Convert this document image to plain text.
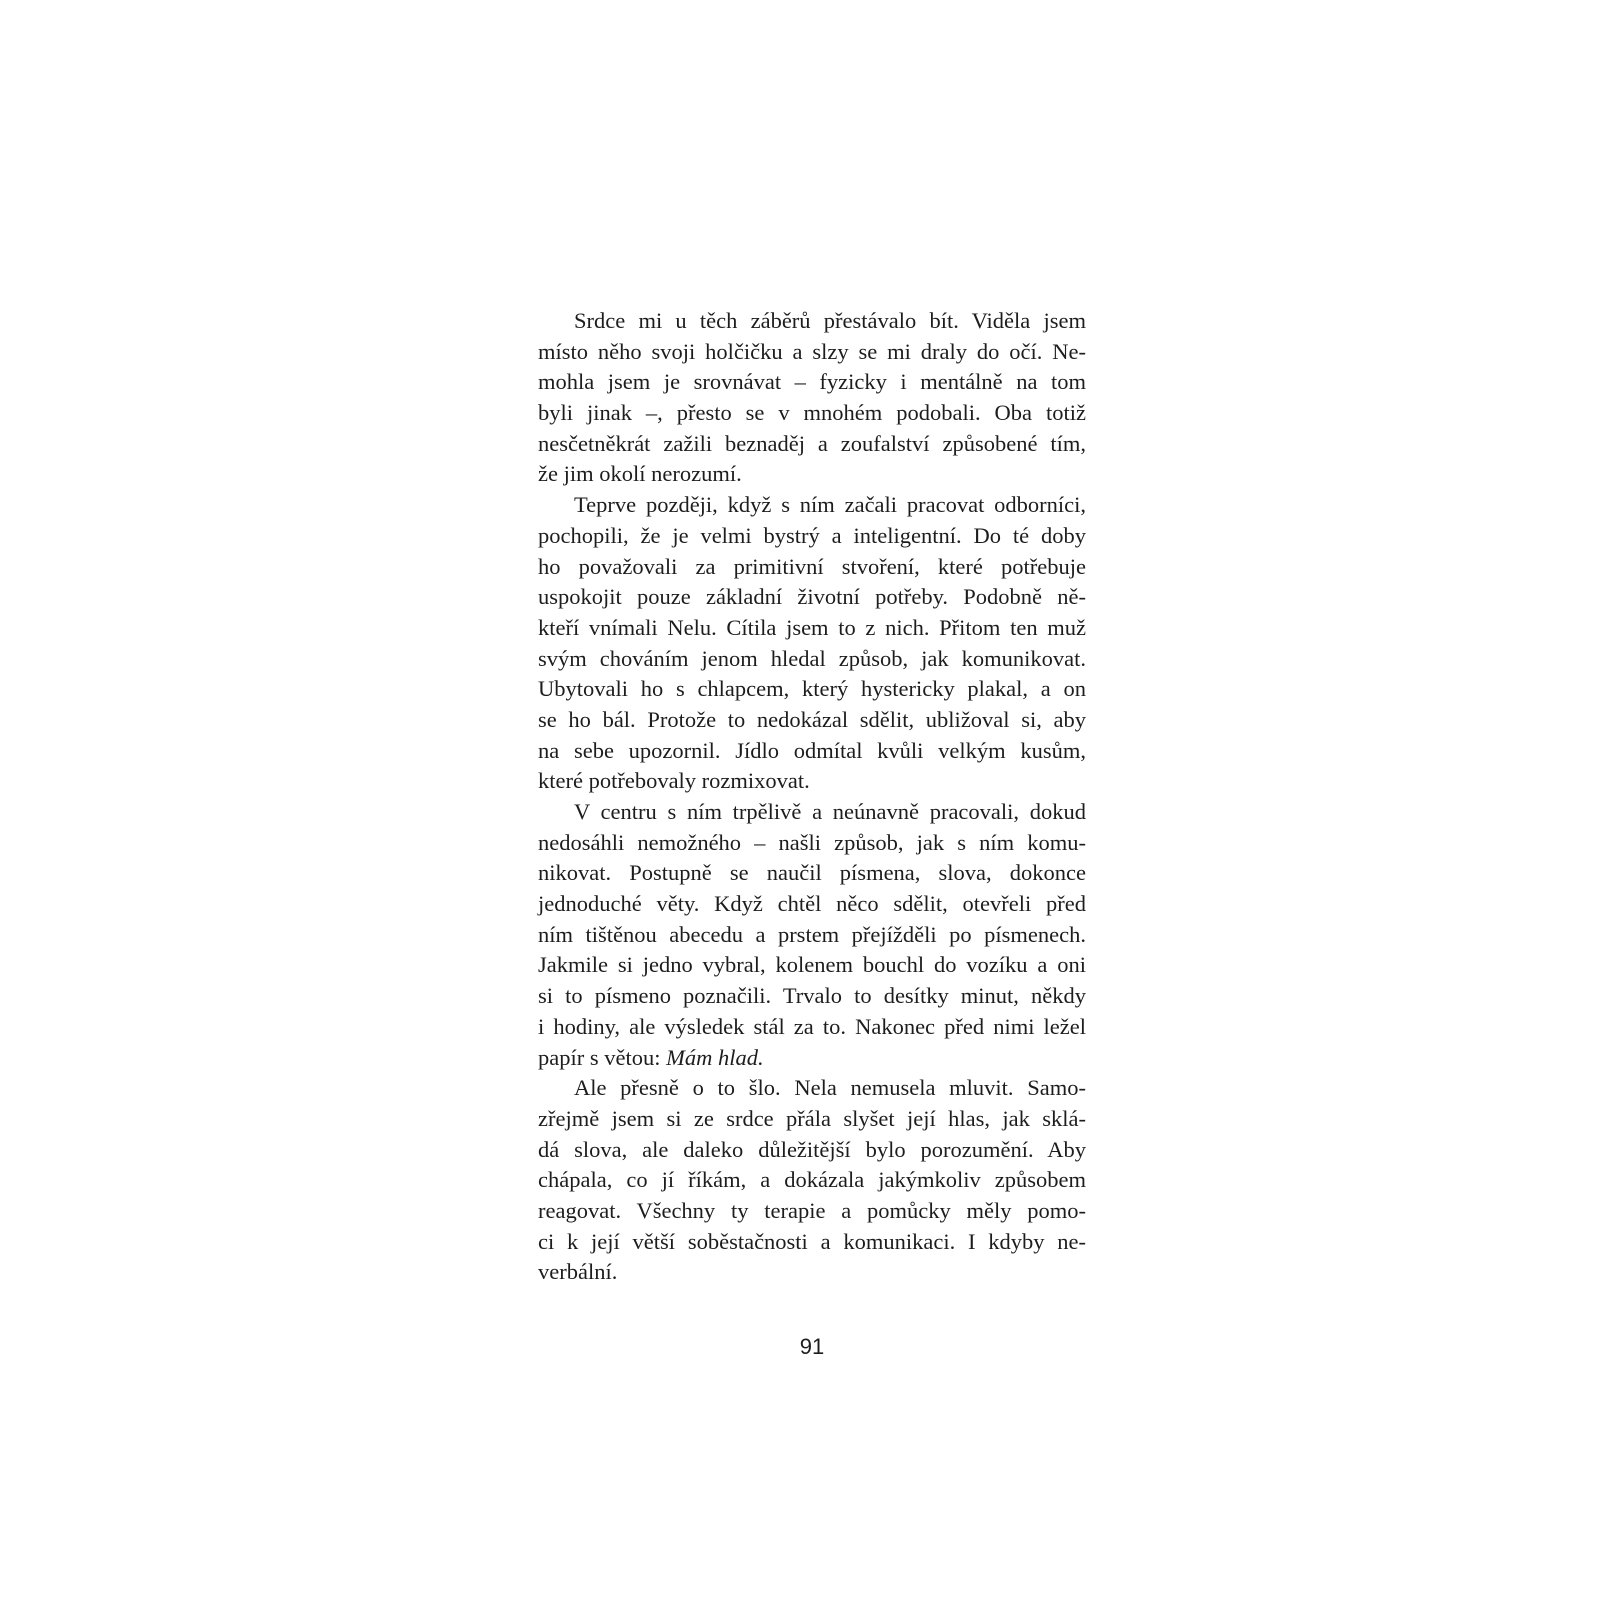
Srdce mi u těch záběrů přestávalo bít. Viděla jsem
místo něho svoji holčičku a slzy se mi draly do očí. Ne-
mohla jsem je srovnávat – fyzicky i mentálně na tom
byli jinak –, přesto se v mnohém podobali. Oba totiž
nesčetněkrát zažili beznaděj a zoufalství způsobené tím,
že jim okolí nerozumí.
Teprve později, když s ním začali pracovat odborníci,
pochopili, že je velmi bystrý a inteligentní. Do té doby
ho považovali za primitivní stvoření, které potřebuje
uspokojit pouze základní životní potřeby. Podobně ně-
kteří vnímali Nelu. Cítila jsem to z nich. Přitom ten muž
svým chováním jenom hledal způsob, jak komunikovat.
Ubytovali ho s chlapcem, který hystericky plakal, a on
se ho bál. Protože to nedokázal sdělit, ubližoval si, aby
na sebe upozornil. Jídlo odmítal kvůli velkým kusům,
které potřebovaly rozmixovat.
V centru s ním trpělivě a neúnavně pracovali, dokud
nedosáhli nemožného – našli způsob, jak s ním komu-
nikovat. Postupně se naučil písmena, slova, dokonce
jednoduché věty. Když chtěl něco sdělit, otevřeli před
ním tištěnou abecedu a prstem přejížděli po písmenech.
Jakmile si jedno vybral, kolenem bouchl do vozíku a oni
si to písmeno poznačili. Trvalo to desítky minut, někdy
i hodiny, ale výsledek stál za to. Nakonec před nimi ležel
papír s větou: Mám hlad.
Ale přesně o to šlo. Nela nemusela mluvit. Samo-
zřejmě jsem si ze srdce přála slyšet její hlas, jak sklá-
dá slova, ale daleko důležitější bylo porozumění. Aby
chápala, co jí říkám, a dokázala jakýmkoliv způsobem
reagovat. Všechny ty terapie a pomůcky měly pomo-
ci k její větší soběstačnosti a komunikaci. I kdyby ne-
verbální.
91
